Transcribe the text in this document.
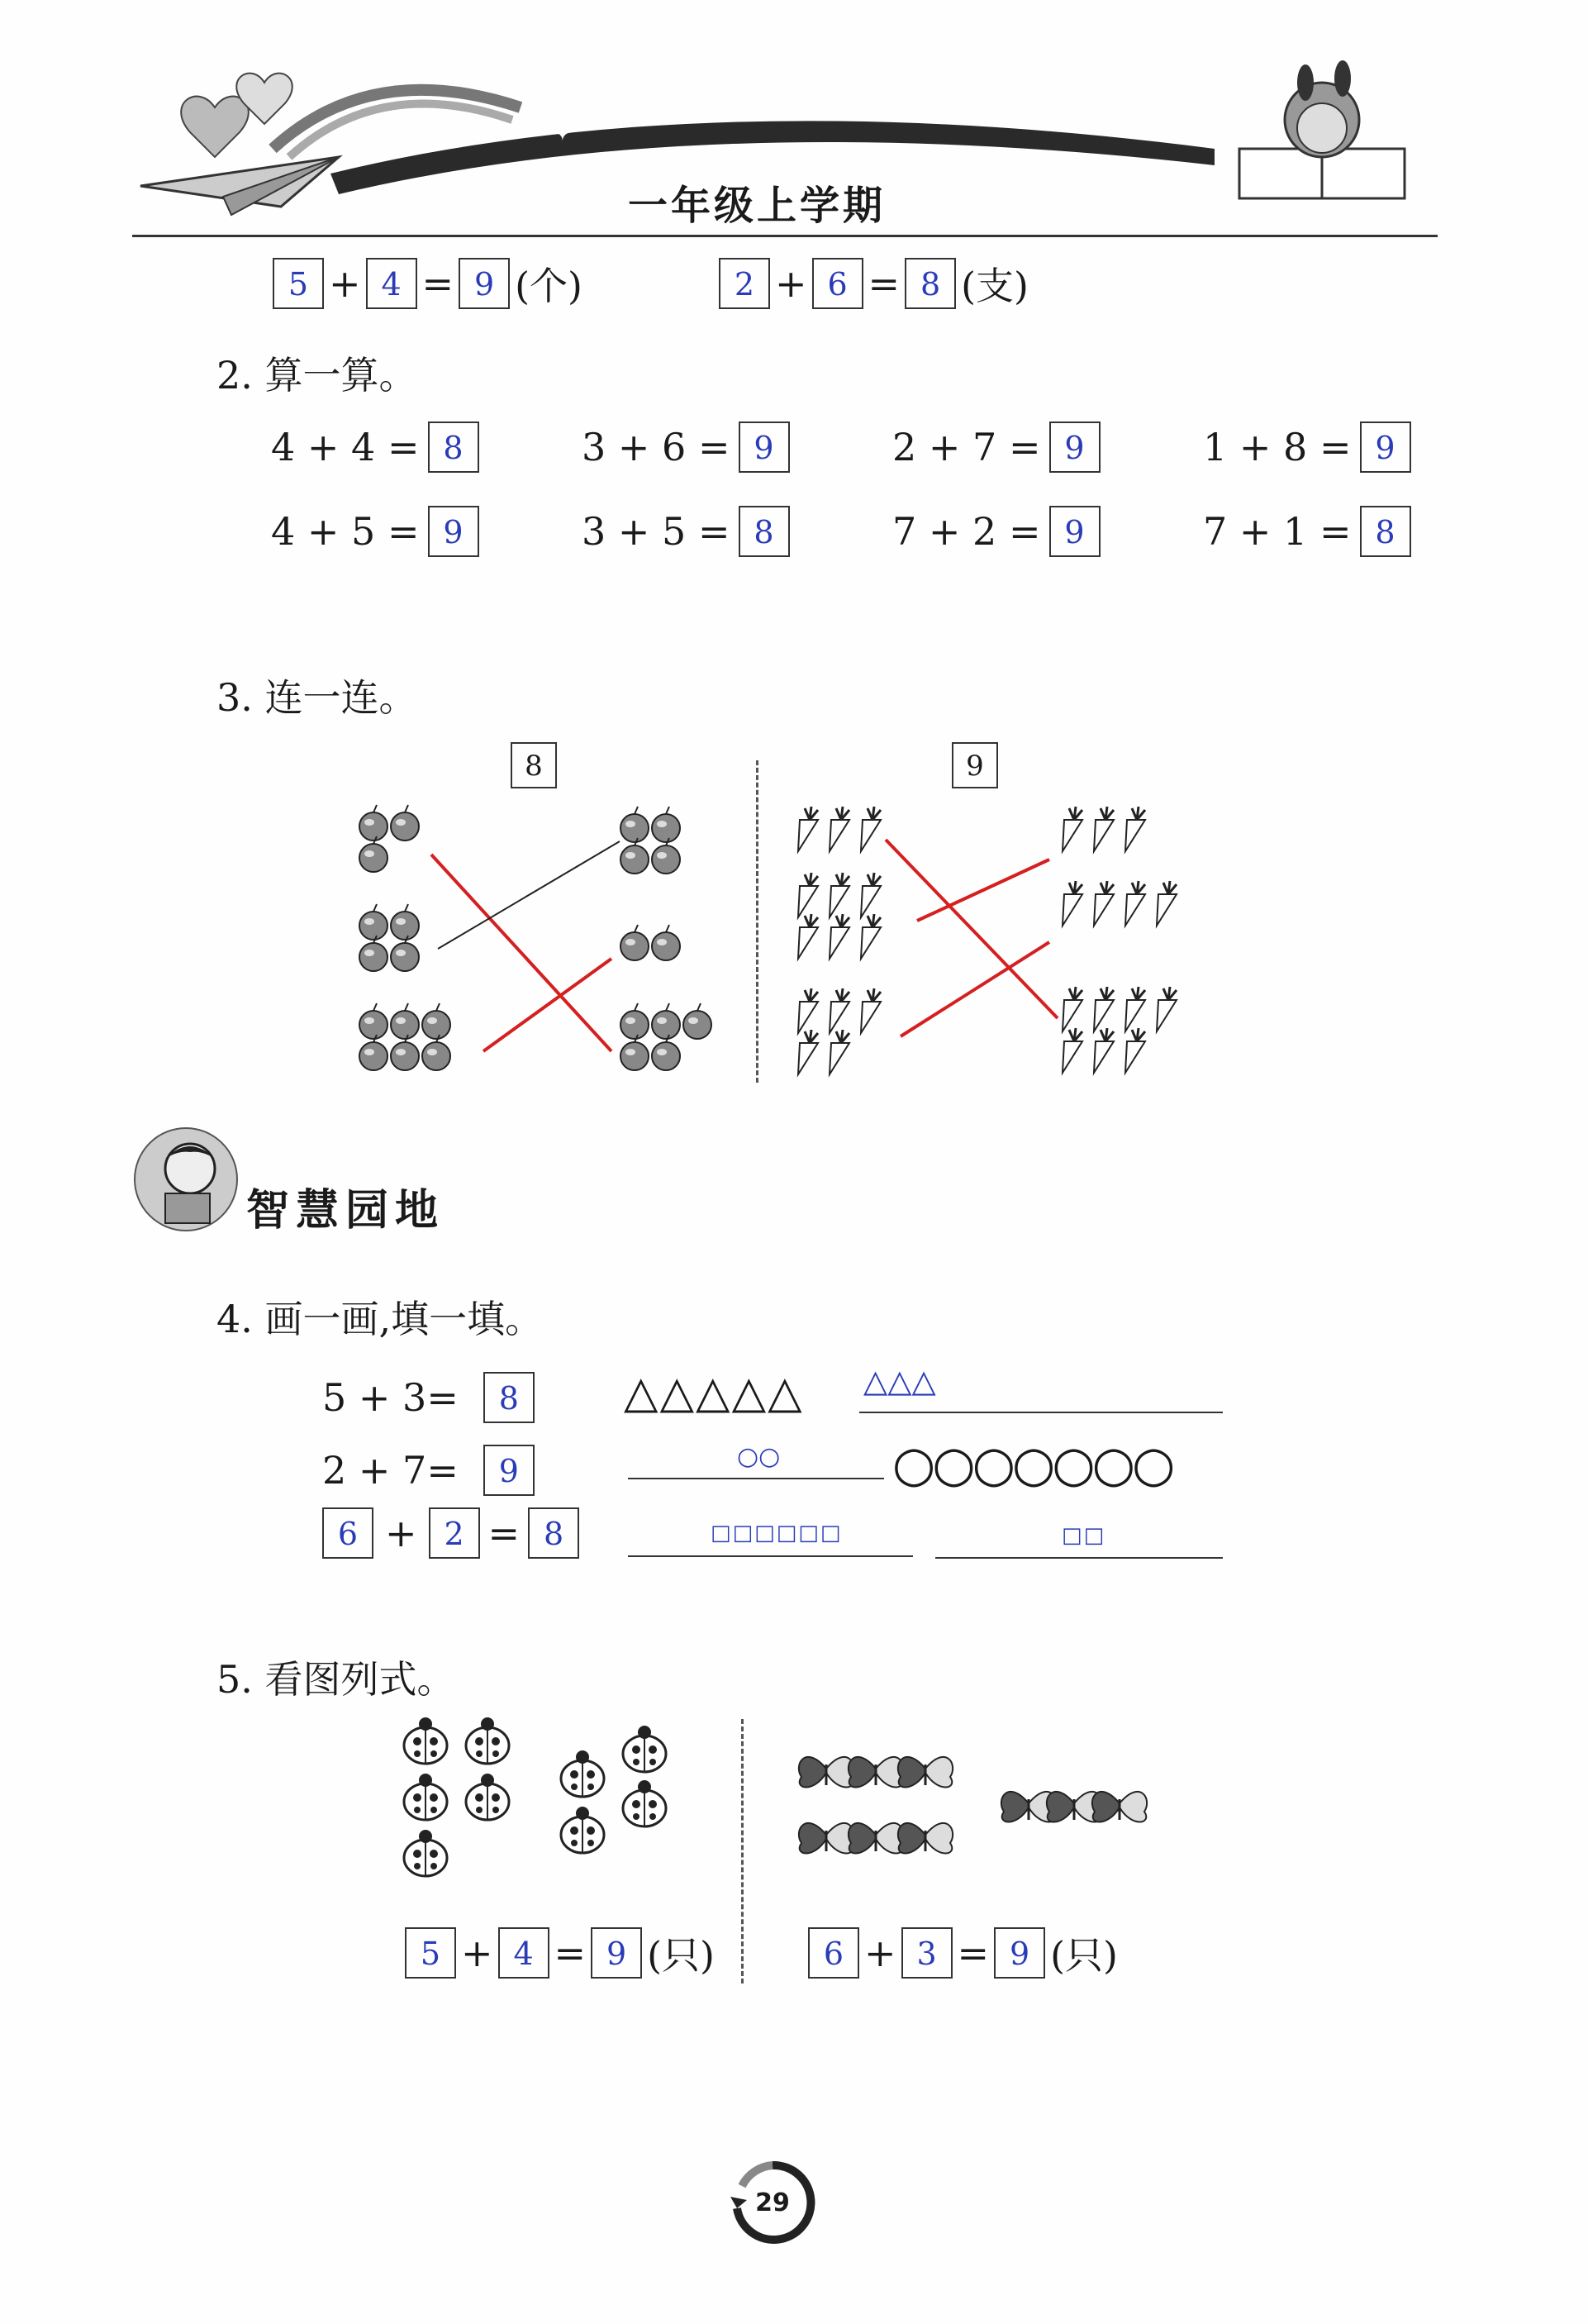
✦	✦
一年级上学期
5 + 4 = 9 (个)	2 + 6 = 8 (支)
2. 算一算。
4 + 4 = 8	3 + 6 = 9	2 + 7 = 9	1 + 8 = 9
4 + 5 = 9	3 + 5 = 8	7 + 2 = 9	7 + 1 = 8
3. 连一连。
8	9
智慧园地
4. 画一画,填一填。
5 + 3=	8	△△△△△ △△△
2 + 7=	9	○○ ○○○○○○○
6 + 2 = 8	□□□□□□	□□
5. 看图列式。
5 + 4 = 9 (只)	6 + 3 = 9 (只)
29
